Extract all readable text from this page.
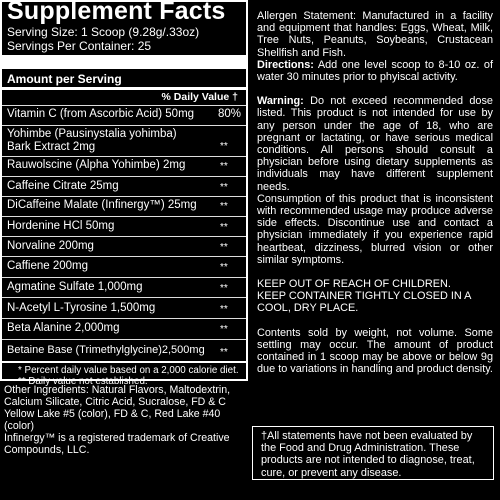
Supplement Facts
Serving Size: 1 Scoop (9.28g/.33oz)
Servings Per Container: 25
Amount per Serving
% Daily Value †
Vitamin C (from Ascorbic Acid) 50mg 80%
Yohimbe (Pausinystalia yohimba)
Bark Extract 2mg	**
Rauwolscine (Alpha Yohimbe) 2mg	**
Caffeine Citrate 25mg	**
DiCaffeine Malate (Infinergy™) 25mg **
Hordenine HCl 50mg	**
Norvaline 200mg	**
Caffiene 200mg	**
Agmatine Sulfate 1,000mg	**
N-Acetyl L-Tyrosine 1,500mg	**
Beta Alanine 2,000mg	**
Betaine Base (Trimethylglycine)2,500mg **
* Percent daily value based on a 2,000 calorie diet.
** Daily value not established.
Other Ingredients: Natural Flavors, Maltodextrin, Calcium Silicate, Citric Acid, Sucralose, FD & C Yellow Lake #5 (color), FD & C, Red Lake #40 (color)
Infinergy™ is a registered trademark of Creative Compounds, LLC.

Allergen Statement: Manufactured in a facility and equipment that handles: Eggs, Wheat, Milk, Tree Nuts, Peanuts, Soybeans, Crustacean Shellfish and Fish.

Directions: Add one level scoop to 8-10 oz. of water 30 minutes prior to phyiscal activity.

Warning: Do not exceed recommended dose listed. This product is not intended for use by any person under the age of 18, who are pregnant or lactating, or have serious medical conditions. All persons should consult a physician before using dietary supplements as individuals may have different supplement needs.

Consumption of this product that is inconsistent with recommended usage may produce adverse side effects. Discontinue use and contact a physician immediately if you experience rapid heartbeat, dizziness, blurred vision or other similar symptoms.

KEEP OUT OF REACH OF CHILDREN.

KEEP CONTAINER TIGHTLY CLOSED IN A COOL, DRY PLACE.

Contents sold by weight, not volume. Some settling may occur. The amount of product contained in 1 scoop may be above or below 9g due to variations in handling and product density.

†All statements have not been evaluated by the Food and Drug Administration. These products are not intended to diagnose, treat, cure, or prevent any disease.
